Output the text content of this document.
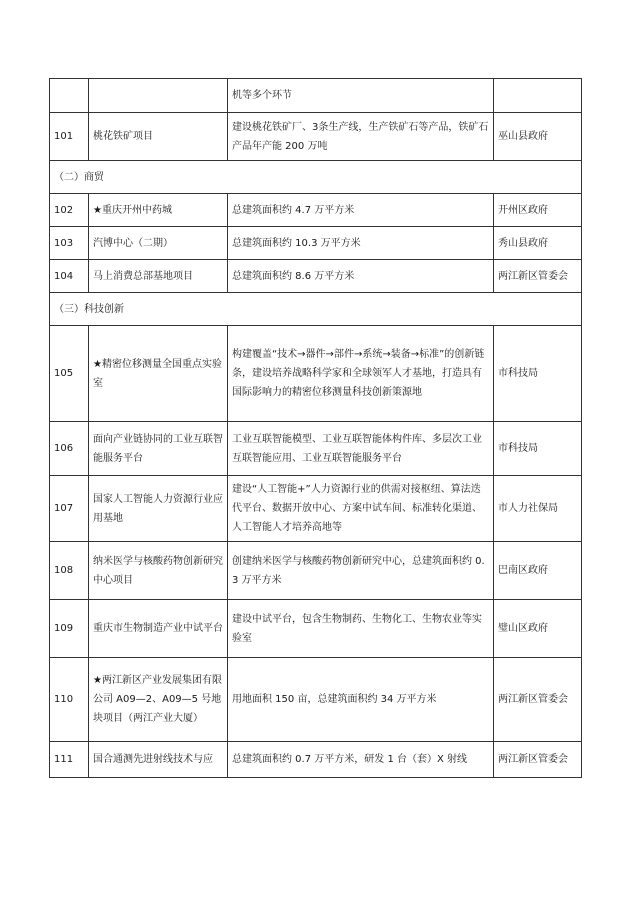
		机等多个环节	
101	桃花铁矿项目	建设桃花铁矿厂、3条生产线，生产铁矿石等产品，铁矿石产品年产能 200 万吨	巫山县政府
（二）商贸			
102	★重庆开州中药城	总建筑面积约 4.7 万平方米	开州区政府
103	汽博中心（二期）	总建筑面积约 10.3 万平方米	秀山县政府
104	马上消费总部基地项目	总建筑面积约 8.6 万平方米	两江新区管委会
（三）科技创新			
105	★精密位移测量全国重点实验室	构建覆盖“技术→器件→部件→系统→装备→标准”的创新链条，建设培养战略科学家和全球领军人才基地，打造具有国际影响力的精密位移测量科技创新策源地	市科技局
106	面向产业链协同的工业互联智能服务平台	工业互联智能模型、工业互联智能体构件库、多层次工业互联智能应用、工业互联智能服务平台	市科技局
107	国家人工智能人力资源行业应用基地	建设“人工智能+”人力资源行业的供需对接枢纽、算法迭代平台、数据开放中心、方案中试车间、标准转化渠道、人工智能人才培养高地等	市人力社保局
108	纳米医学与核酸药物创新研究中心项目	创建纳米医学与核酸药物创新研究中心，总建筑面积约 0.3 万平方米	巴南区政府
109	重庆市生物制造产业中试平台	建设中试平台，包含生物制药、生物化工、生物农业等实验室	璧山区政府
110	★两江新区产业发展集团有限公司 A09—2、A09—5 号地块项目（两江产业大厦）	用地面积 150 亩，总建筑面积约 34 万平方米	两江新区管委会
111	国合通测先进射线技术与应	总建筑面积约 0.7 万平方米，研发 1 台（套）X 射线	两江新区管委会
